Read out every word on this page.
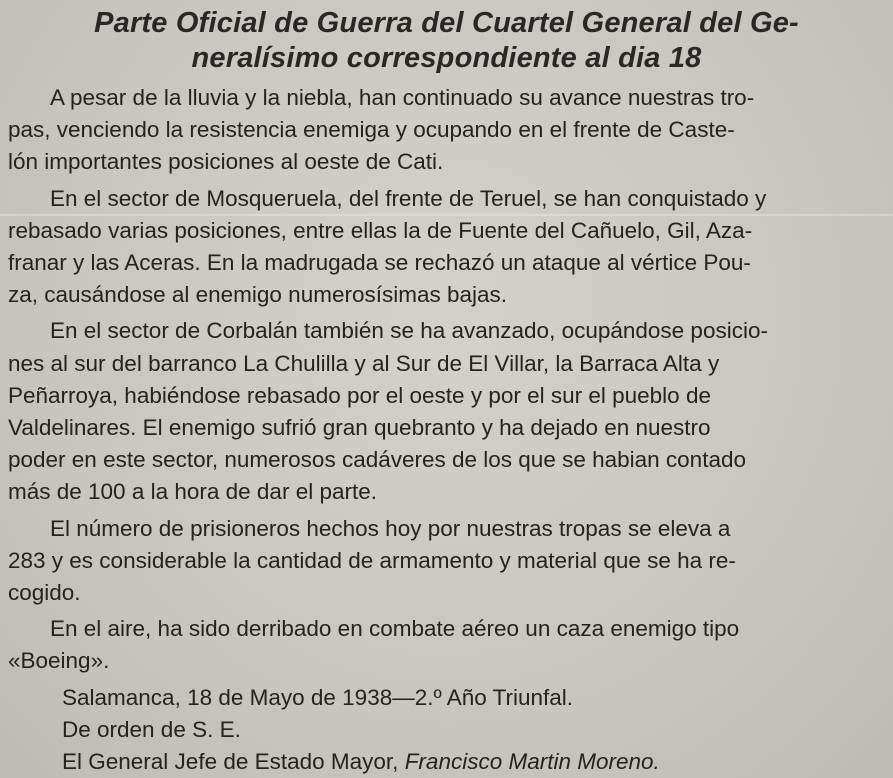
Parte Oficial de Guerra del Cuartel General del Ge-
neralísimo correspondiente al dia 18

A pesar de la lluvia y la niebla, han continuado su avance nuestras tro-
pas, venciendo la resistencia enemiga y ocupando en el frente de Caste-
lón importantes posiciones al oeste de Cati.

En el sector de Mosqueruela, del frente de Teruel, se han conquistado y
rebasado varias posiciones, entre ellas la de Fuente del Cañuelo, Gil, Aza-
franar y las Aceras. En la madrugada se rechazó un ataque al vértice Pou-
za, causándose al enemigo numerosísimas bajas.

En el sector de Corbalán también se ha avanzado, ocupándose posicio-
nes al sur del barranco La Chulilla y al Sur de El Villar, la Barraca Alta y
Peñarroya, habiéndose rebasado por el oeste y por el sur el pueblo de
Valdelinares. El enemigo sufrió gran quebranto y ha dejado en nuestro
poder en este sector, numerosos cadáveres de los que se habian contado
más de 100 a la hora de dar el parte.

El número de prisioneros hechos hoy por nuestras tropas se eleva a
283 y es considerable la cantidad de armamento y material que se ha re-
cogido.

En el aire, ha sido derribado en combate aéreo un caza enemigo tipo
«Boeing».

Salamanca, 18 de Mayo de 1938—2.º Año Triunfal.
De orden de S. E.
El General Jefe de Estado Mayor, Francisco Martin Moreno.
